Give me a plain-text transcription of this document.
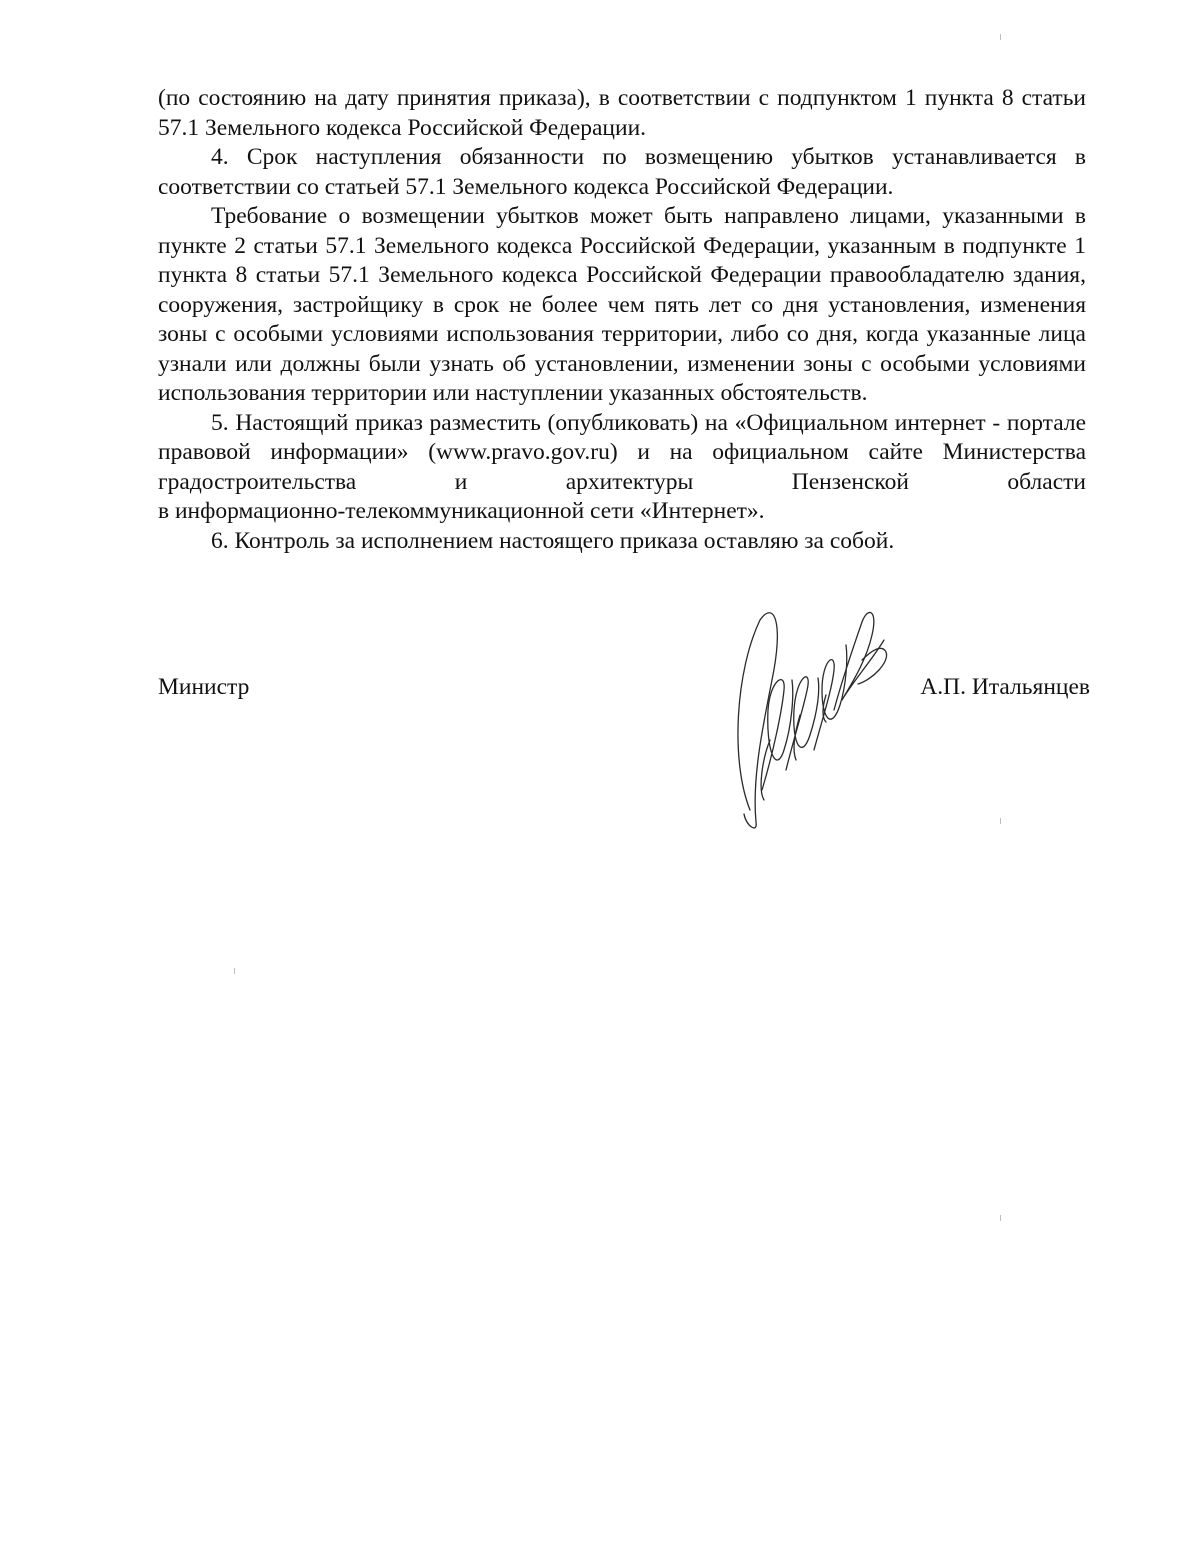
(по состоянию на дату принятия приказа), в соответствии с подпунктом 1 пункта 8 статьи 57.1 Земельного кодекса Российской Федерации.

4. Срок наступления обязанности по возмещению убытков устанавливается в соответствии со статьей 57.1 Земельного кодекса Российской Федерации.

Требование о возмещении убытков может быть направлено лицами, указанными в пункте 2 статьи 57.1 Земельного кодекса Российской Федерации, указанным в подпункте 1 пункта 8 статьи 57.1 Земельного кодекса Российской Федерации правообладателю здания, сооружения, застройщику в срок не более чем пять лет со дня установления, изменения зоны с особыми условиями использования территории, либо со дня, когда указанные лица узнали или должны были узнать об установлении, изменении зоны с особыми условиями использования территории или наступлении указанных обстоятельств.

5. Настоящий приказ разместить (опубликовать) на «Официальном интернет - портале правовой информации» (www.pravo.gov.ru) и на официальном сайте Министерства градостроительства и архитектуры Пензенской области

в информационно-телекоммуникационной сети «Интернет».

6. Контроль за исполнением настоящего приказа оставляю за собой.

Министр	А.П. Итальянцев
